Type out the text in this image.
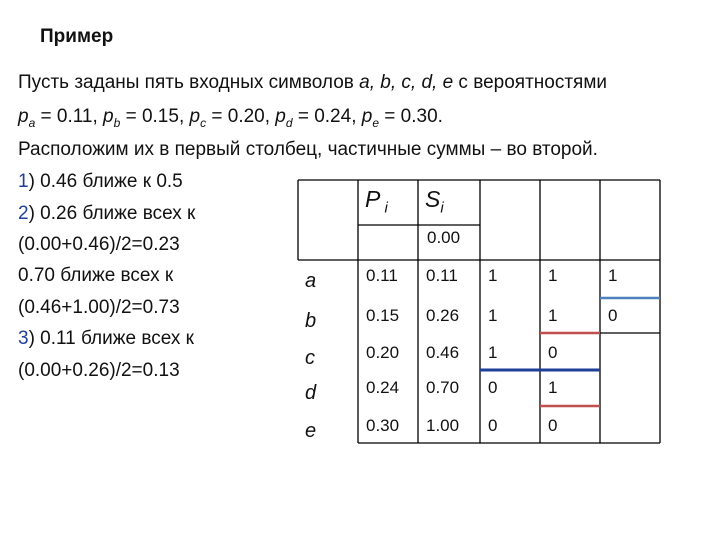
Пример
Пусть заданы пять входных символов a, b, c, d, e с вероятностями
$p_a = 0.11$, $p_b = 0.15$, $p_c = 0.20$, $p_d = 0.24$, $p_e = 0.30$.
Расположим их в первый столбец, частичные суммы – во второй.
1) 0.46 ближе к 0.5
2) 0.26 ближе всех к
(0.00+0.46)/2=0.23
0.70 ближе всех к
(0.46+1.00)/2=0.73
3) 0.11 ближе всех к
(0.00+0.26)/2=0.13
P $_i$ $S_i$
0.00
a	0.11 0.11 1	1	1
b	0.15 0.26 1	1	0
c	0.20 0.46 1	0
d	0.24 0.70 0	1
e	0.30 1.00 0	0
